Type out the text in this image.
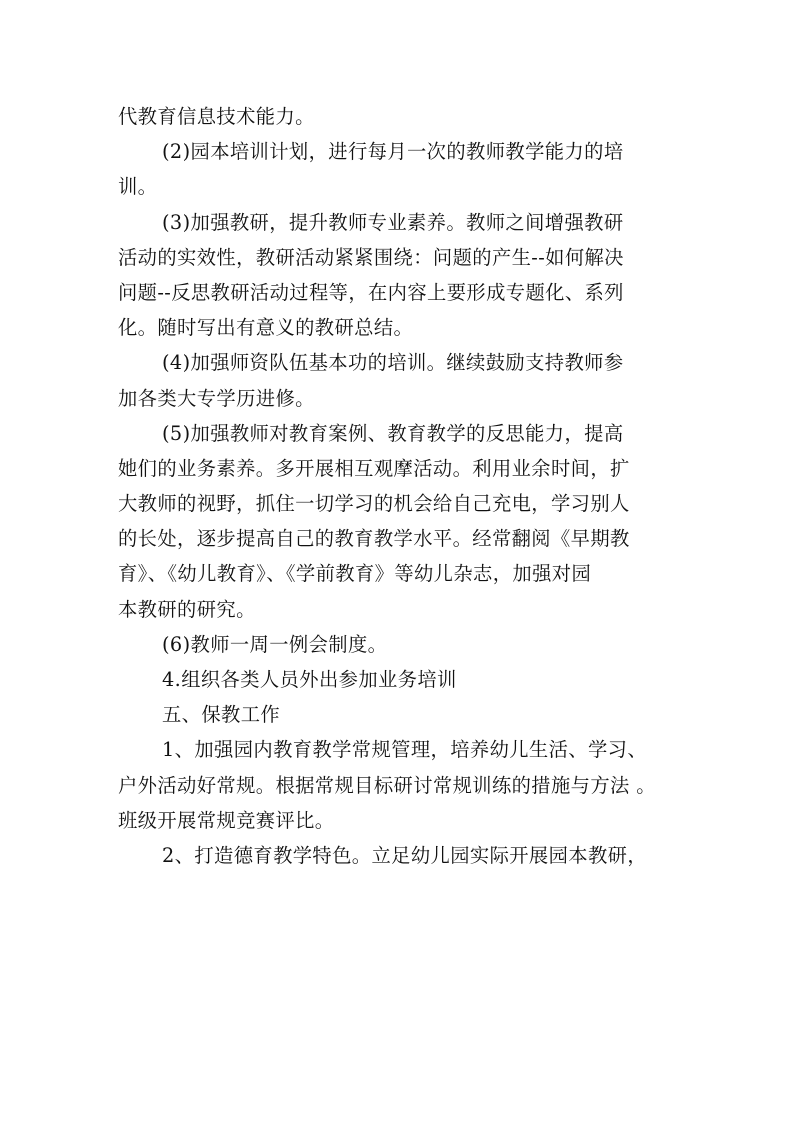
代教育信息技术能力。
(2)园本培训计划，进行每月一次的教师教学能力的培
训。
(3)加强教研，提升教师专业素养。教师之间增强教研
活动的实效性，教研活动紧紧围绕：问题的产生--如何解决
问题--反思教研活动过程等，在内容上要形成专题化、系列
化。随时写出有意义的教研总结。
(4)加强师资队伍基本功的培训。继续鼓励支持教师参
加各类大专学历进修。
(5)加强教师对教育案例、教育教学的反思能力，提高
她们的业务素养。多开展相互观摩活动。利用业余时间，扩
大教师的视野，抓住一切学习的机会给自己充电，学习别人
的长处，逐步提高自己的教育教学水平。经常翻阅《早期教
育》、《幼儿教育》、《学前教育》等幼儿杂志，加强对园
本教研的研究。
(6)教师一周一例会制度。
4.组织各类人员外出参加业务培训
五、保教工作
1、加强园内教育教学常规管理，培养幼儿生活、学习、
户外活动好常规。根据常规目标研讨常规训练的措施与方法 。
班级开展常规竞赛评比。
2、打造德育教学特色。立足幼儿园实际开展园本教研，
